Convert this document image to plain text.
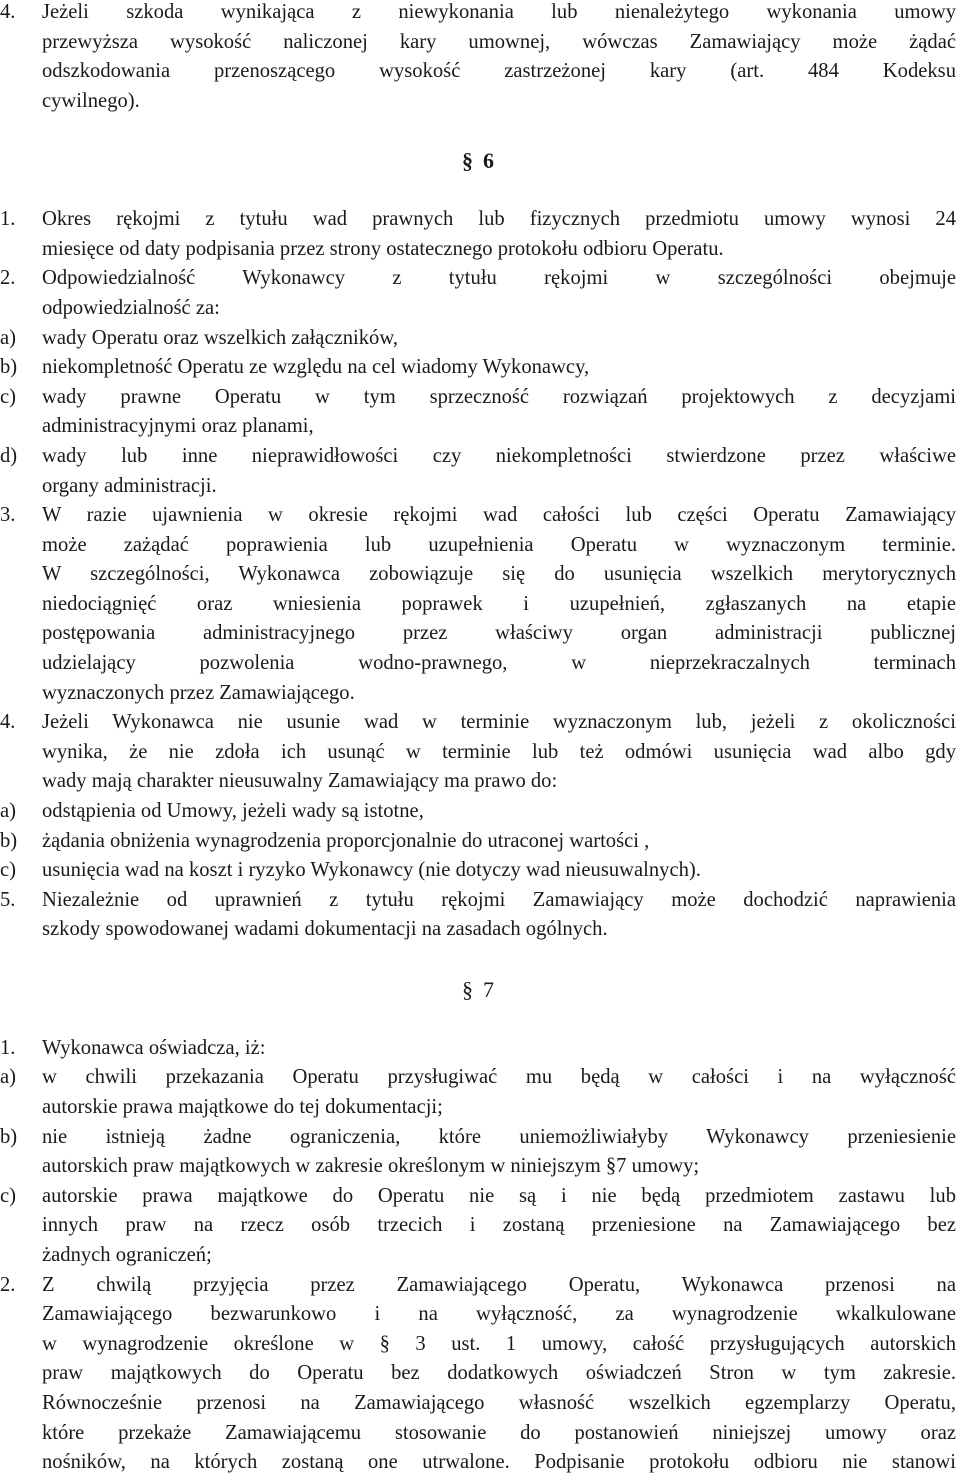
4.	Jeżeli szkoda wynikająca z niewykonania lub nienależytego wykonania umowy
przewyższa wysokość naliczonej kary umownej, wówczas Zamawiający może żądać
odszkodowania przenoszącego wysokość zastrzeżonej kary (art. 484 Kodeksu
cywilnego).
§ 6
1.	Okres rękojmi z tytułu wad prawnych lub fizycznych przedmiotu umowy wynosi 24
miesięce od daty podpisania przez strony ostatecznego protokołu odbioru Operatu.
2.	Odpowiedzialność Wykonawcy z tytułu rękojmi w szczególności obejmuje
odpowiedzialność za:
a)	wady Operatu oraz wszelkich załączników,
b)	niekompletność Operatu ze względu na cel wiadomy Wykonawcy,
c)	wady prawne Operatu w tym sprzeczność rozwiązań projektowych z decyzjami
administracyjnymi oraz planami,
d)	wady lub inne nieprawidłowości czy niekompletności stwierdzone przez właściwe
organy administracji.
3.	W razie ujawnienia w okresie rękojmi wad całości lub części Operatu Zamawiający
może zażądać poprawienia lub uzupełnienia Operatu w wyznaczonym terminie.
W szczególności, Wykonawca zobowiązuje się do usunięcia wszelkich merytorycznych
niedociągnięć oraz wniesienia poprawek i uzupełnień, zgłaszanych na etapie
postępowania administracyjnego przez właściwy organ administracji publicznej
udzielający pozwolenia wodno-prawnego, w nieprzekraczalnych terminach
wyznaczonych przez Zamawiającego.
4.	Jeżeli Wykonawca nie usunie wad w terminie wyznaczonym lub, jeżeli z okoliczności
wynika, że nie zdoła ich usunąć w terminie lub też odmówi usunięcia wad albo gdy
wady mają charakter nieusuwalny Zamawiający ma prawo do:
a)	odstąpienia od Umowy, jeżeli wady są istotne,
b)	żądania obniżenia wynagrodzenia proporcjonalnie do utraconej wartości ,
c)	usunięcia wad na koszt i ryzyko Wykonawcy (nie dotyczy wad nieusuwalnych).
5.	Niezależnie od uprawnień z tytułu rękojmi Zamawiający może dochodzić naprawienia
szkody spowodowanej wadami dokumentacji na zasadach ogólnych.
§ 7
1.	Wykonawca oświadcza, iż:
a)	w chwili przekazania Operatu przysługiwać mu będą w całości i na wyłączność
autorskie prawa majątkowe do tej dokumentacji;
b)	nie istnieją żadne ograniczenia, które uniemożliwiałyby Wykonawcy przeniesienie
autorskich praw majątkowych w zakresie określonym w niniejszym §7 umowy;
c)	autorskie prawa majątkowe do Operatu nie są i nie będą przedmiotem zastawu lub
innych praw na rzecz osób trzecich i zostaną przeniesione na Zamawiającego bez
żadnych ograniczeń;
2.	Z chwilą przyjęcia przez Zamawiającego Operatu, Wykonawca przenosi na
Zamawiającego bezwarunkowo i na wyłączność, za wynagrodzenie wkalkulowane
w wynagrodzenie określone w § 3 ust. 1 umowy, całość przysługujących autorskich
praw majątkowych do Operatu bez dodatkowych oświadczeń Stron w tym zakresie.
Równocześnie przenosi na Zamawiającego własność wszelkich egzemplarzy Operatu,
które przekaże Zamawiającemu stosowanie do postanowień niniejszej umowy oraz
nośników, na których zostaną one utrwalone. Podpisanie protokołu odbioru nie stanowi
